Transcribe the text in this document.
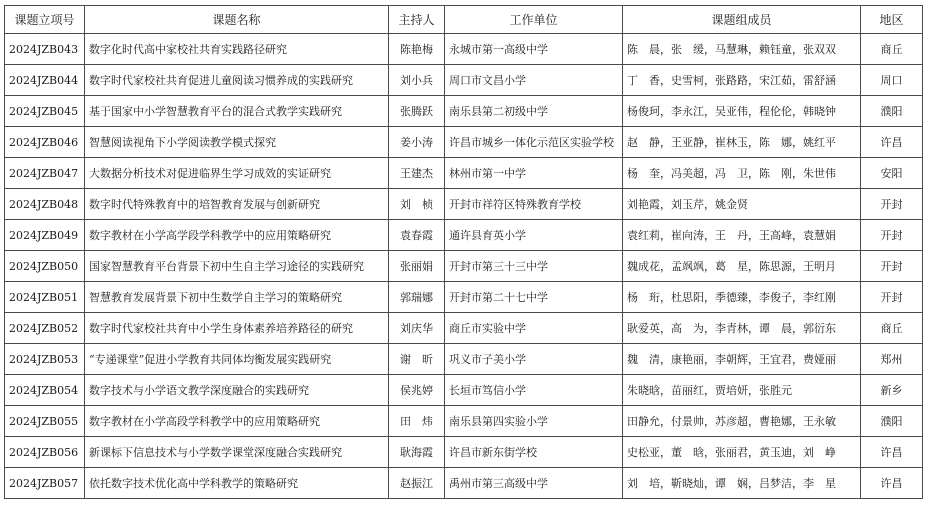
课题立项号	课题名称	主持人	工作单位	课题组成员	地区
2024JZB043	数字化时代高中家校社共育实践路径研究	陈艳梅	永城市第一高级中学	陈　晨，张　缓，马慧琳，赖钰童，张双双	商丘
2024JZB044	数字时代家校社共育促进儿童阅读习惯养成的实践研究	刘小兵	周口市文昌小学	丁　香，史雪柯，张路路，宋江茹，雷舒涵	周口
2024JZB045	基于国家中小学智慧教育平台的混合式教学实践研究	张腾跃	南乐县第二初级中学	杨俊珂，李永江，吴亚伟，程伦伦，韩晓钟	濮阳
2024JZB046	智慧阅读视角下小学阅读教学模式探究	姜小涛	许昌市城乡一体化示范区实验学校	赵　静，王亚静，崔林玉，陈　娜，姚红平	许昌
2024JZB047	大数据分析技术对促进临界生学习成效的实证研究	王建杰	林州市第一中学	杨　奎，冯美超，冯　卫，陈　刚，朱世伟	安阳
2024JZB048	数字时代特殊教育中的培智教育发展与创新研究	刘　桢	开封市祥符区特殊教育学校	刘艳霞，刘玉芹，姚金贤	开封
2024JZB049	数字教材在小学高学段学科教学中的应用策略研究	袁春霞	通许县育英小学	袁红莉，崔向涛，王　丹，王高峰，袁慧娟	开封
2024JZB050	国家智慧教育平台背景下初中生自主学习途径的实践研究	张丽娟	开封市第三十三中学	魏成花，孟飒飒，葛　星，陈思源，王明月	开封
2024JZB051	智慧教育发展背景下初中生数学自主学习的策略研究	郭瑞娜	开封市第二十七中学	杨　珩，杜思阳，季德臻，李俊子，李红刚	开封
2024JZB052	数字时代家校社共育中小学生身体素养培养路径的研究	刘庆华	商丘市实验中学	耿爱英，高　为，李青林，谭　晨，郭衍东	商丘
2024JZB053	“专递课堂”促进小学教育共同体均衡发展实践研究	谢　昕	巩义市子美小学	魏　清，康艳丽，李朝辉，王宜君，费娅丽	郑州
2024JZB054	数字技术与小学语文教学深度融合的实践研究	侯兆婷	长垣市笃信小学	朱晓晗，苗丽红，贾培妍，张胜元	新乡
2024JZB055	数字教材在小学高段学科教学中的应用策略研究	田　炜	南乐县第四实验小学	田静允，付景帅，苏彦超，曹艳娜，王永敏	濮阳
2024JZB056	新课标下信息技术与小学数学课堂深度融合实践研究	耿海霞	许昌市新东街学校	史松亚，董　晗，张丽君，黄玉迪，刘　峥	许昌
2024JZB057	依托数字技术优化高中学科教学的策略研究	赵振江	禹州市第三高级中学	刘　培，靳晓灿，谭　娴，吕梦洁，李　星	许昌
